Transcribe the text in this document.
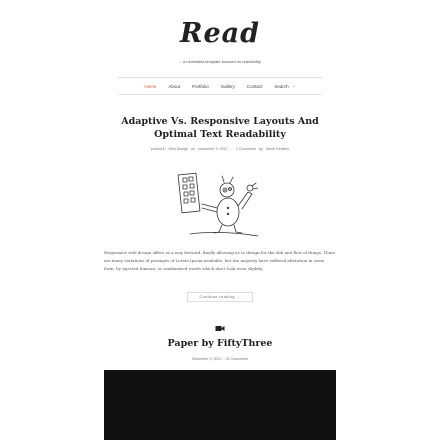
Read
... a minimalist template focused on readability.
Home	About	Portfolio	Gallery	Contact	Search →
Adaptive Vs. Responsive Layouts And Optimal Text Readability
posted in Web Design on November 9, 2012 ◌ 3 Comments by Albert Einstein

Responsive web design offers us a way forward, finally allowing us to design for the ebb and flow of things. There are many variations of passages of Lorem Ipsum available, but the majority have suffered alteration in some form, by injected humour, or randomised words which don't look even slightly.

Continue reading →
Paper by FiftyThree
November 9, 2012 ◌ 32 Comments
